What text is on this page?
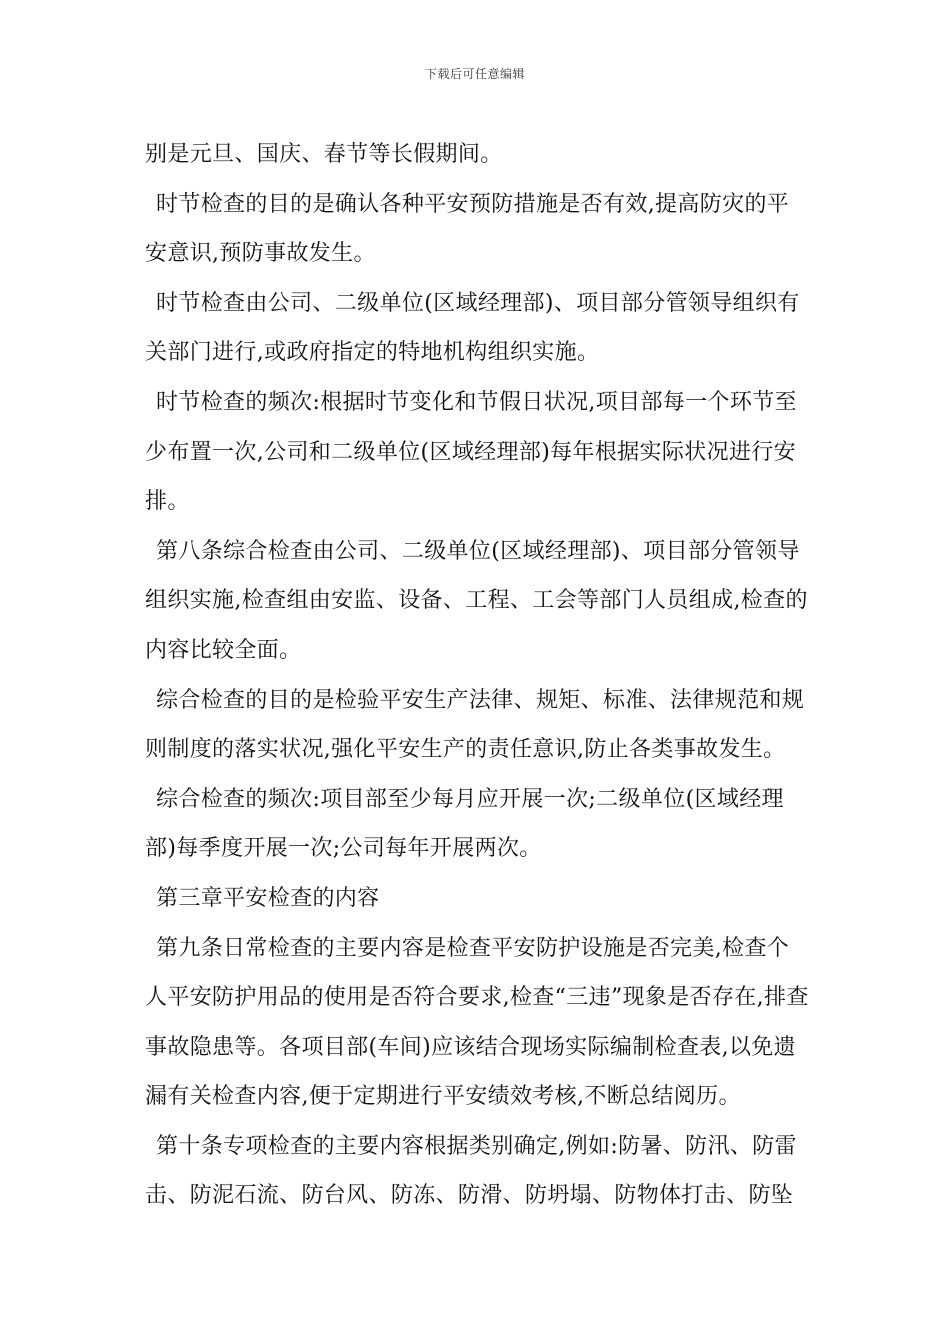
下载后可任意编辑

别是元旦、国庆、春节等长假期间。

时节检查的目的是确认各种平安预防措施是否有效,提高防灾的平安意识,预防事故发生。

时节检查由公司、二级单位(区域经理部)、项目部分管领导组织有关部门进行,或政府指定的特地机构组织实施。

时节检查的频次:根据时节变化和节假日状况,项目部每一个环节至少布置一次,公司和二级单位(区域经理部)每年根据实际状况进行安排。

第八条综合检查由公司、二级单位(区域经理部)、项目部分管领导组织实施,检查组由安监、设备、工程、工会等部门人员组成,检查的内容比较全面。

综合检查的目的是检验平安生产法律、规矩、标准、法律规范和规则制度的落实状况,强化平安生产的责任意识,防止各类事故发生。

综合检查的频次:项目部至少每月应开展一次;二级单位(区域经理部)每季度开展一次;公司每年开展两次。

第三章平安检查的内容

第九条日常检查的主要内容是检查平安防护设施是否完美,检查个人平安防护用品的使用是否符合要求,检查“三违”现象是否存在,排查事故隐患等。各项目部(车间)应该结合现场实际编制检查表,以免遗漏有关检查内容,便于定期进行平安绩效考核,不断总结阅历。

第十条专项检查的主要内容根据类别确定,例如:防暑、防汛、防雷击、防泥石流、防台风、防冻、防滑、防坍塌、防物体打击、防坠
